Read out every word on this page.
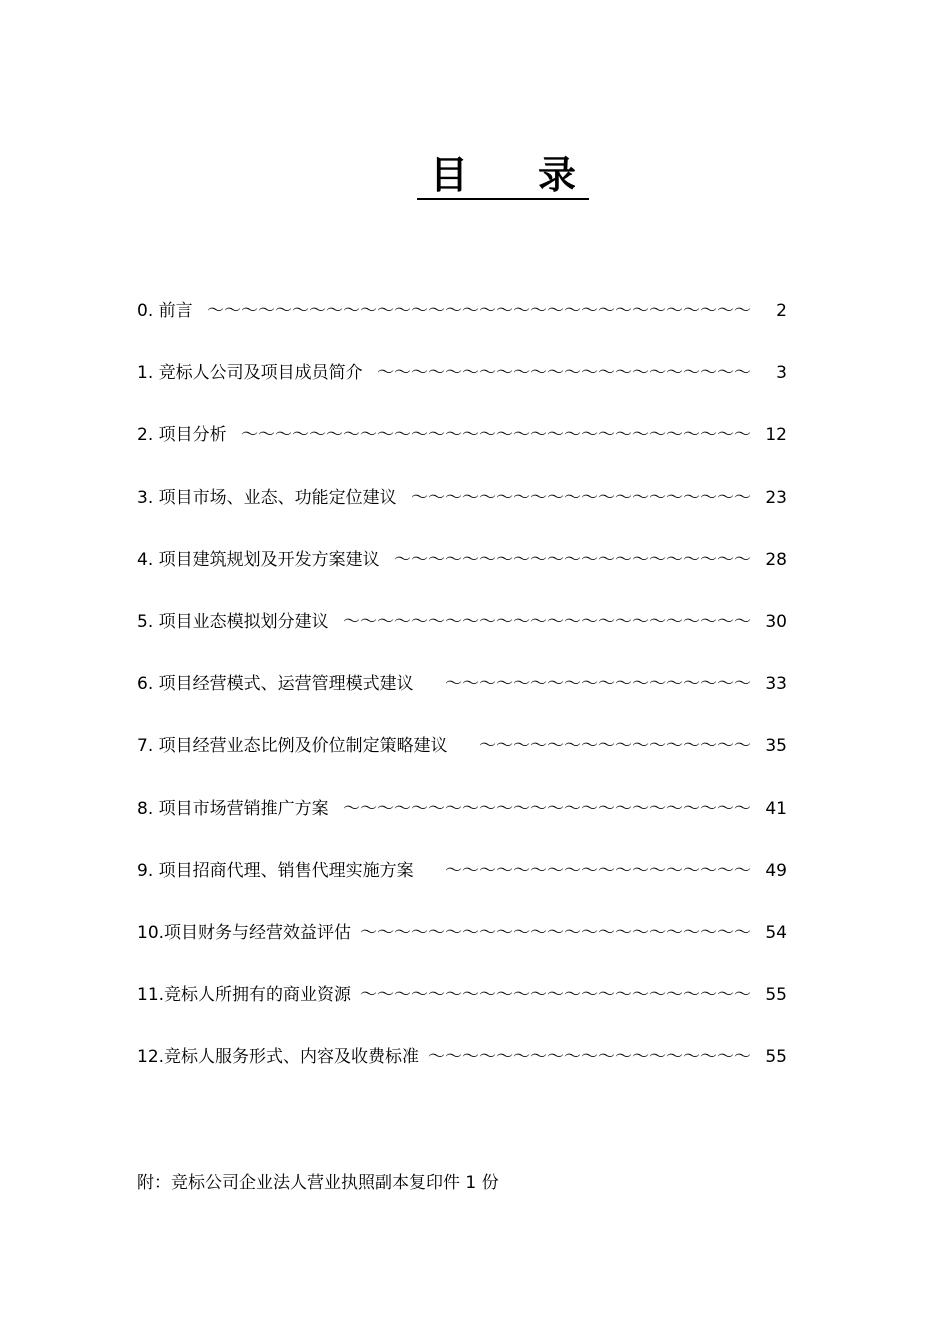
目 录
0. 前言 ～～～～～～～～～～～～～～～～～～～～～～～～～～～～～～～～	2
1. 竞标人公司及项目成员简介 ～～～～～～～～～～～～～～～～～～～～～～	3
2. 项目分析 ～～～～～～～～～～～～～～～～～～～～～～～～～～～～～～ 12
3. 项目市场、业态、功能定位建议 ～～～～～～～～～～～～～～～～～～～～ 23
4. 项目建筑规划及开发方案建议 ～～～～～～～～～～～～～～～～～～～～～ 28
5. 项目业态模拟划分建议 ～～～～～～～～～～～～～～～～～～～～～～～～ 30
6. 项目经营模式、运营管理模式建议 ～～～～～～～～～～～～～～～～～～ 33
7. 项目经营业态比例及价位制定策略建议 ～～～～～～～～～～～～～～～～ 35
8. 项目市场营销推广方案 ～～～～～～～～～～～～～～～～～～～～～～～～ 41
9. 项目招商代理、销售代理实施方案 ～～～～～～～～～～～～～～～～～～ 49
10.项目财务与经营效益评估 ～～～～～～～～～～～～～～～～～～～～～～～ 54
11.竞标人所拥有的商业资源 ～～～～～～～～～～～～～～～～～～～～～～～ 55
12.竞标人服务形式、内容及收费标准 ～～～～～～～～～～～～～～～～～～～ 55
附：竞标公司企业法人营业执照副本复印件 1 份
